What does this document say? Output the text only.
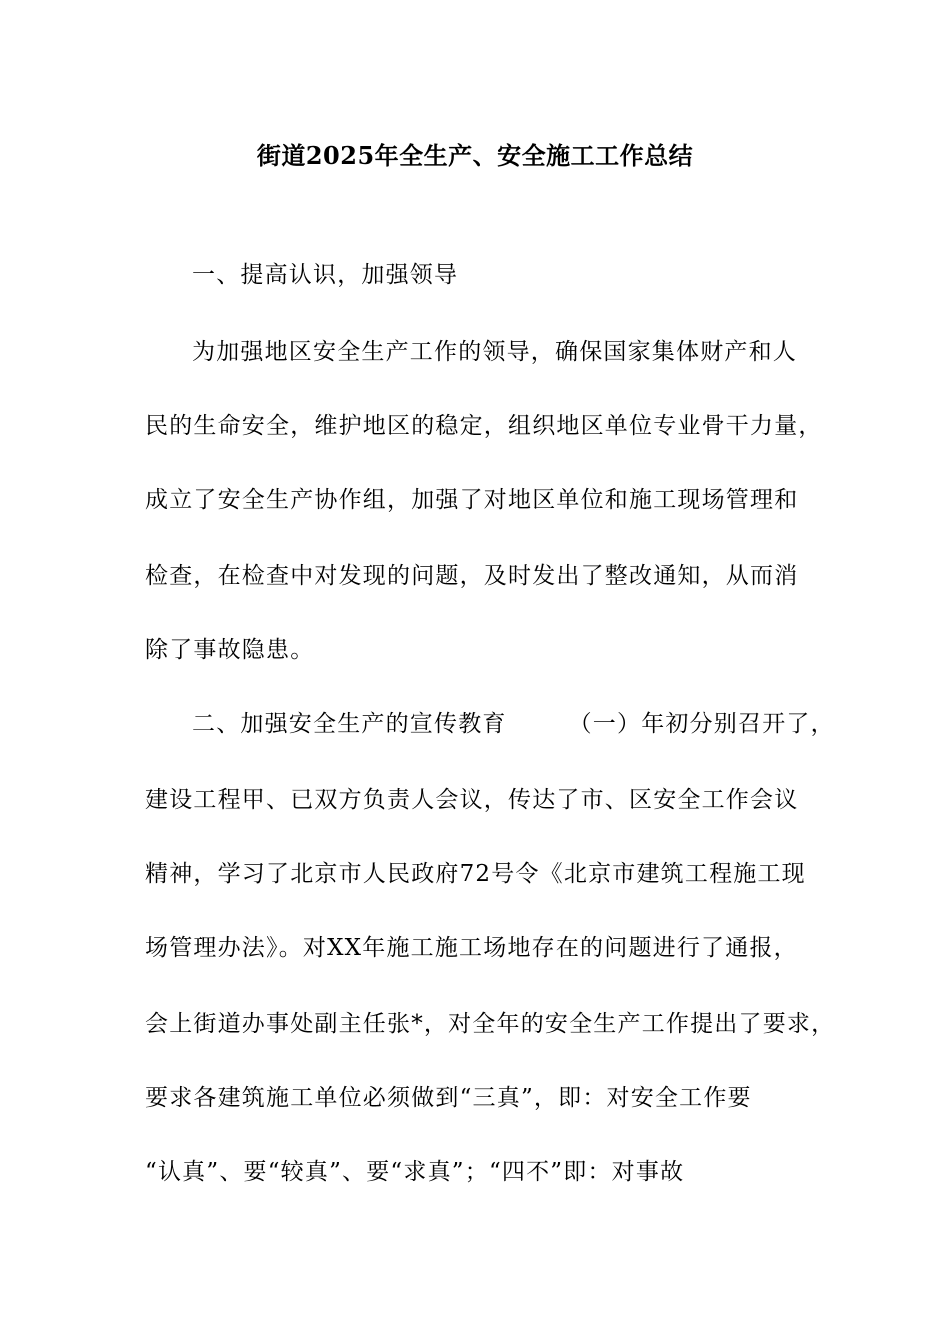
街道2025年全生产、安全施工工作总结
一、提高认识，加强领导
为加强地区安全生产工作的领导，确保国家集体财产和人
民的生命安全，维护地区的稳定，组织地区单位专业骨干力量，
成立了安全生产协作组，加强了对地区单位和施工现场管理和
检查，在检查中对发现的问题，及时发出了整改通知，从而消
除了事故隐患。
二、加强安全生产的宣传教育	（一）年初分别召开了，
建设工程甲、已双方负责人会议，传达了市、区安全工作会议
精神，学习了北京市人民政府72号令《北京市建筑工程施工现
场管理办法》。对XX年施工施工场地存在的问题进行了通报，
会上街道办事处副主任张*，对全年的安全生产工作提出了要求，
要求各建筑施工单位必须做到“三真”，即：对安全工作要
“认真”、要“较真”、要“求真”；“四不”即：对事故
